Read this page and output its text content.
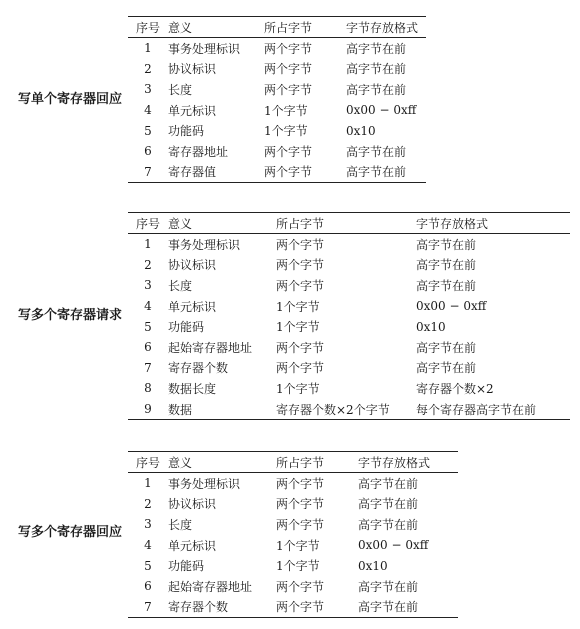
写单个寄存器回应
序号	意义	所占字节	字节存放格式
1	事务处理标识	两个字节	高字节在前
2	协议标识	两个字节	高字节在前
3	长度	两个字节	高字节在前
4	单元标识	1个字节	0x00 − 0xff
5	功能码	1个字节	0x10
6	寄存器地址	两个字节	高字节在前
7	寄存器值	两个字节	高字节在前
写多个寄存器请求
序号	意义	所占字节	字节存放格式
1	事务处理标识	两个字节	高字节在前
2	协议标识	两个字节	高字节在前
3	长度	两个字节	高字节在前
4	单元标识	1个字节	0x00 − 0xff
5	功能码	1个字节	0x10
6	起始寄存器地址	两个字节	高字节在前
7	寄存器个数	两个字节	高字节在前
8	数据长度	1个字节	寄存器个数×2
9	数据	寄存器个数×2个字节	每个寄存器高字节在前
写多个寄存器回应
序号	意义	所占字节	字节存放格式
1	事务处理标识	两个字节	高字节在前
2	协议标识	两个字节	高字节在前
3	长度	两个字节	高字节在前
4	单元标识	1个字节	0x00 − 0xff
5	功能码	1个字节	0x10
6	起始寄存器地址	两个字节	高字节在前
7	寄存器个数	两个字节	高字节在前
